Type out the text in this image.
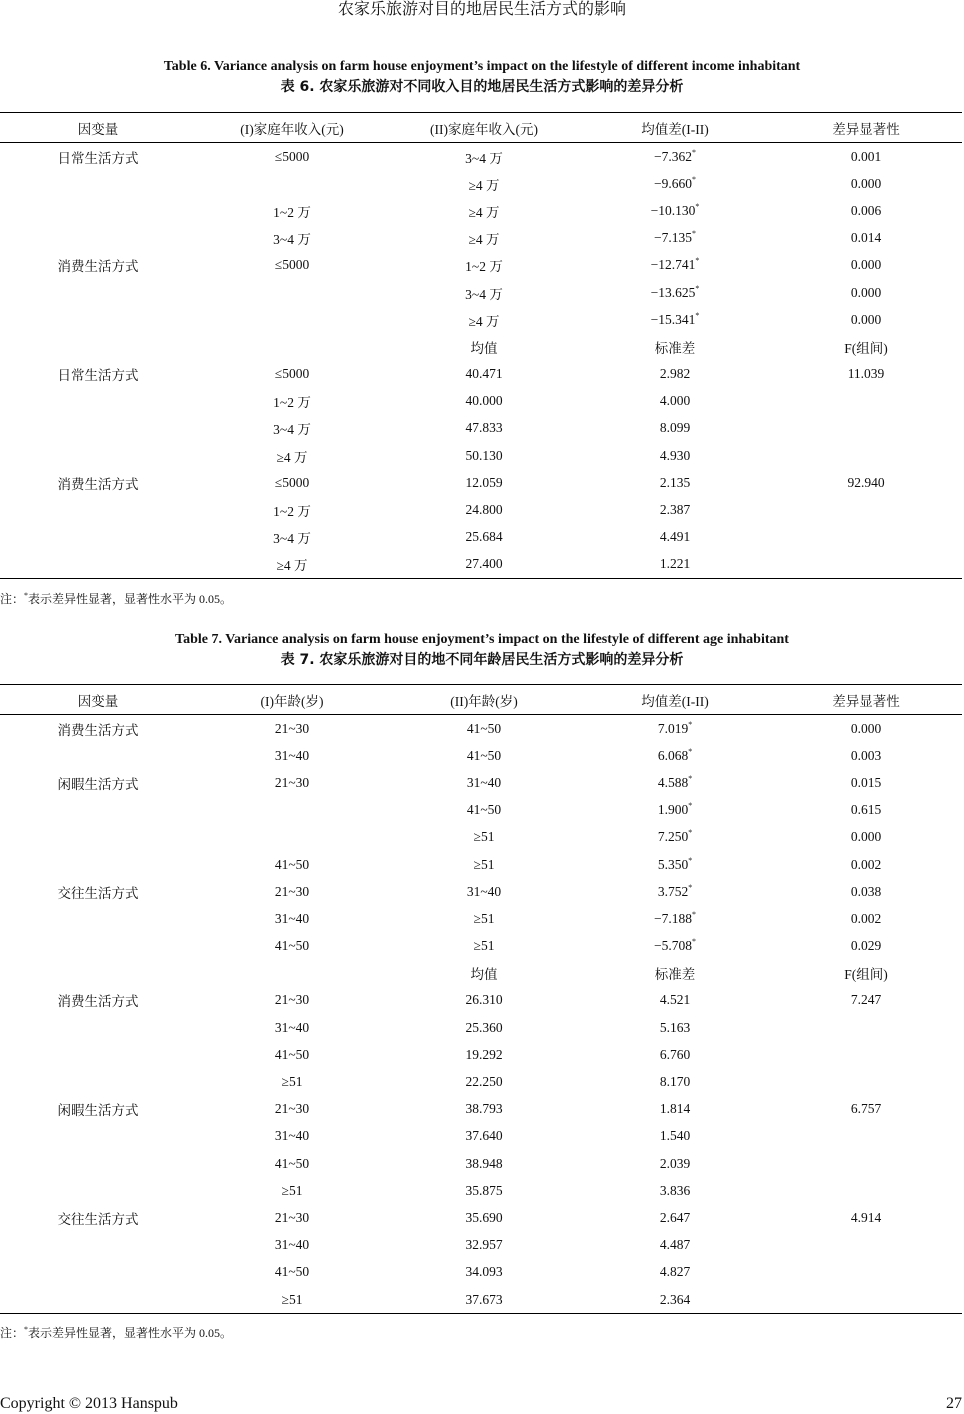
农家乐旅游对目的地居民生活方式的影响
Table 6. Variance analysis on farm house enjoyment’s impact on the lifestyle of different income inhabitant
表 6. 农家乐旅游对不同收入目的地居民生活方式影响的差异分析
因变量	(I)家庭年收入(元)	(II)家庭年收入(元)	均值差(I-II)	差异显著性
日常生活方式	≤5000	3~4 万	−7.362*	0.001
		≥4 万	−9.660*	0.000
	1~2 万	≥4 万	−10.130*	0.006
	3~4 万	≥4 万	−7.135*	0.014
消费生活方式	≤5000	1~2 万	−12.741*	0.000
		3~4 万	−13.625*	0.000
		≥4 万	−15.341*	0.000
		均值	标准差	F(组间)
日常生活方式	≤5000	40.471	2.982	11.039
	1~2 万	40.000	4.000	
	3~4 万	47.833	8.099	
	≥4 万	50.130	4.930	
消费生活方式	≤5000	12.059	2.135	92.940
	1~2 万	24.800	2.387	
	3~4 万	25.684	4.491	
	≥4 万	27.400	1.221	
注：*表示差异性显著，显著性水平为 0.05。
Table 7. Variance analysis on farm house enjoyment’s impact on the lifestyle of different age inhabitant
表 7. 农家乐旅游对目的地不同年龄居民生活方式影响的差异分析
因变量	(I)年龄(岁)	(II)年龄(岁)	均值差(I-II)	差异显著性
消费生活方式	21~30	41~50	7.019*	0.000
	31~40	41~50	6.068*	0.003
闲暇生活方式	21~30	31~40	4.588*	0.015
		41~50	1.900*	0.615
		≥51	7.250*	0.000
	41~50	≥51	5.350*	0.002
交往生活方式	21~30	31~40	3.752*	0.038
	31~40	≥51	−7.188*	0.002
	41~50	≥51	−5.708*	0.029
		均值	标准差	F(组间)
消费生活方式	21~30	26.310	4.521	7.247
	31~40	25.360	5.163	
	41~50	19.292	6.760	
	≥51	22.250	8.170	
闲暇生活方式	21~30	38.793	1.814	6.757
	31~40	37.640	1.540	
	41~50	38.948	2.039	
	≥51	35.875	3.836	
交往生活方式	21~30	35.690	2.647	4.914
	31~40	32.957	4.487	
	41~50	34.093	4.827	
	≥51	37.673	2.364	
注：*表示差异性显著，显著性水平为 0.05。
Copyright © 2013 Hanspub	27
